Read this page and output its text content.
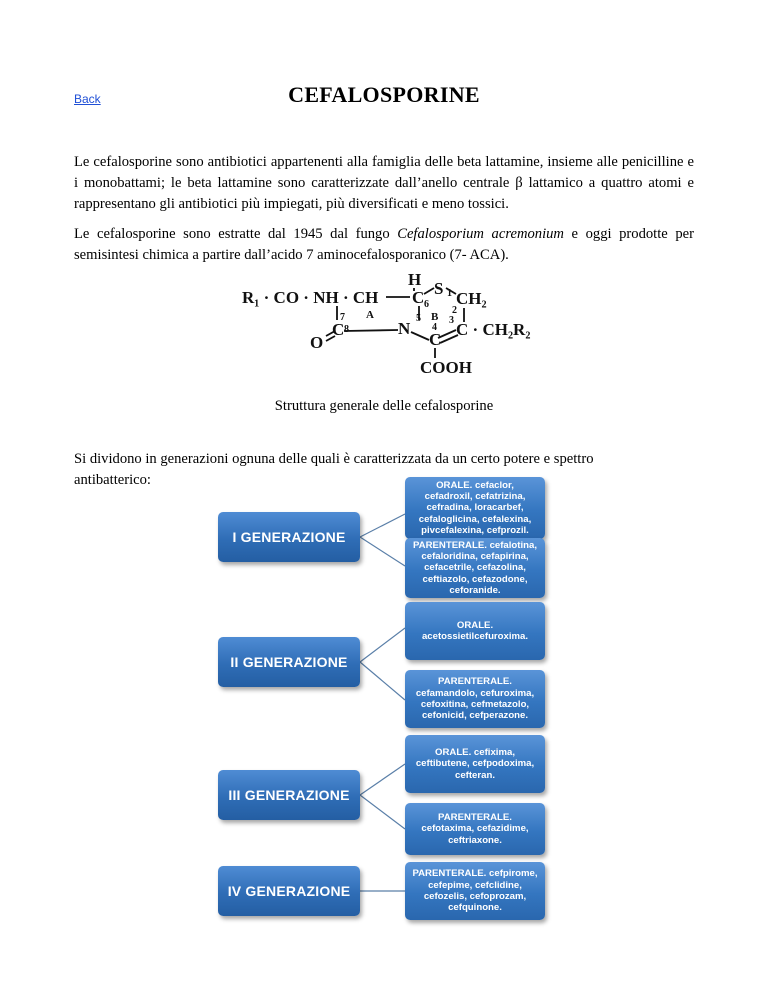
Back	CEFALOSPORINE

Le cefalosporine sono antibiotici appartenenti alla famiglia delle beta lattamine, insieme alle penicilline e i monobattami; le beta lattamine sono caratterizzate dall’anello centrale β lattamico a quattro atomi e rappresentano gli antibiotici più impiegati, più diversificati e meno tossici.

Le cefalosporine sono estratte dal 1945 dal fungo Cefalosporium acremonium e oggi prodotte per semisintesi chimica a partire dall’acido 7 aminocefalosporanico (7- ACA).

R₁ · CO · NH · CH
H S
C 6 CH₂
1
2
7 A	B
5	3
8	4
C
O
N
C
C · CH₂R₂
COOH

Struttura generale delle cefalosporine

Si dividono in generazioni ognuna delle quali è caratterizzata da un certo potere e spettro antibatterico:

I GENERAZIONE
ORALE. cefaclor, cefadroxil, cefatrizina, cefradina, loracarbef, cefaloglicina, cefalexina, pivcefalexina, cefprozil.
PARENTERALE. cefalotina, cefaloridina, cefapirina, cefacetrile, cefazolina, ceftiazolo, cefazodone, ceforanide.
II GENERAZIONE
ORALE.
acetossietilcefuroxima.
PARENTERALE.
cefamandolo, cefuroxima, cefoxitina, cefmetazolo, cefonicid, cefperazone.
III GENERAZIONE
ORALE. cefixima, ceftibutene, cefpodoxima, cefteran.
PARENTERALE. cefotaxima, cefazidime, ceftriaxone.
IV GENERAZIONE
PARENTERALE. cefpirome, cefepime, cefclidine, cefozelis, cefoprozam, cefquinone.
